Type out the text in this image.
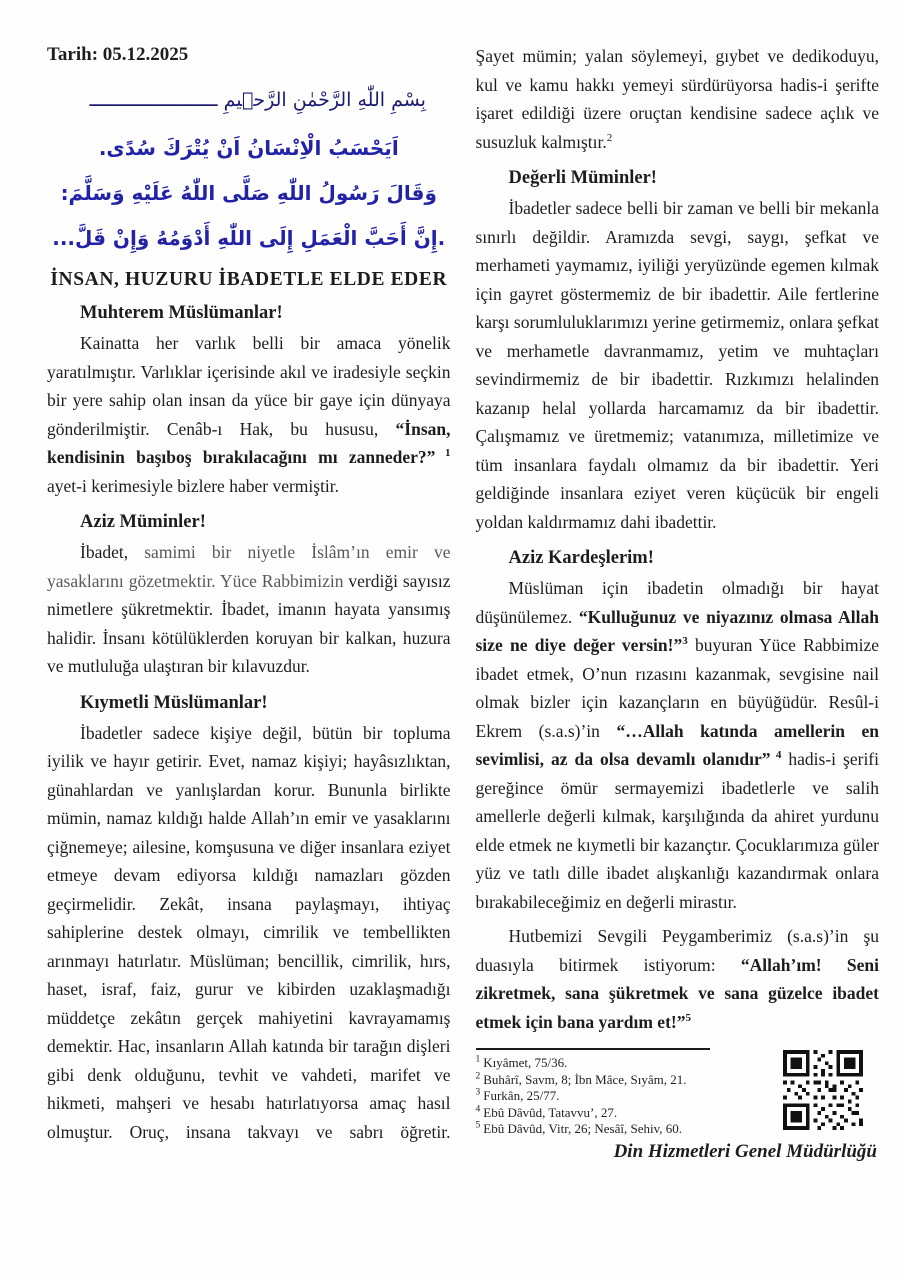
Tarih: 05.12.2025
بِسْمِ اللّٰهِ الرَّحْمٰنِ الرَّح۪يمِ ـــــــــــــــــــــــ
اَيَحْسَبُ الْاِنْسَانُ اَنْ يُتْرَكَ سُدًى.
وَقَالَ رَسُولُ اللّٰهِ صَلَّى اللّٰهُ عَلَيْهِ وَسَلَّمَ:
...إِنَّ أَحَبَّ الْعَمَلِ إِلَى اللّٰهِ أَدْوَمُهُ وَإِنْ قَلَّ.
İNSAN, HUZURU İBADETLE ELDE EDER
Muhterem Müslümanlar!

Kainatta her varlık belli bir amaca yönelik yaratılmıştır. Varlıklar içerisinde akıl ve iradesiyle seçkin bir yere sahip olan insan da yüce bir gaye için dünyaya gönderilmiştir. Cenâb-ı Hak, bu hususu, “İnsan, kendisinin başıboş bırakılacağını mı zanneder?” $^1$ ayet-i kerimesiyle bizlere haber vermiştir.

Aziz Müminler!

İbadet, samimi bir niyetle İslâm’ın emir ve yasaklarını gözetmektir. Yüce Rabbimizin verdiği sayısız nimetlere şükretmektir. İbadet, imanın hayata yansımış halidir. İnsanı kötülüklerden koruyan bir kalkan, huzura ve mutluluğa ulaştıran bir kılavuzdur.

Kıymetli Müslümanlar!

İbadetler sadece kişiye değil, bütün bir topluma iyilik ve hayır getirir. Evet, namaz kişiyi; hayâsızlıktan, günahlardan ve yanlışlardan korur. Bununla birlikte mümin, namaz kıldığı halde Allah’ın emir ve yasaklarını çiğnemeye; ailesine, komşusuna ve diğer insanlara eziyet etmeye devam ediyorsa kıldığı namazları gözden geçirmelidir. Zekât, insana paylaşmayı, ihtiyaç sahiplerine destek olmayı, cimrilik ve tembellikten arınmayı hatırlatır. Müslüman; bencillik, cimrilik, hırs, haset, israf, faiz, gurur ve kibirden uzaklaşmadığı müddetçe zekâtın gerçek mahiyetini kavrayamamış demektir. Hac, insanların Allah katında bir tarağın dişleri gibi denk olduğunu, tevhit ve vahdeti, marifet ve hikmeti, mahşeri ve hesabı hatırlatıyorsa amaç hasıl olmuştur. Oruç, insana takvayı ve sabrı öğretir.

Şayet mümin; yalan söylemeyi, gıybet ve dedikoduyu, kul ve kamu hakkı yemeyi sürdürüyorsa hadis-i şerifte işaret edildiği üzere oruçtan kendisine sadece açlık ve susuzluk kalmıştır.$^2$

Değerli Müminler!

İbadetler sadece belli bir zaman ve belli bir mekanla sınırlı değildir. Aramızda sevgi, saygı, şefkat ve merhameti yaymamız, iyiliği yeryüzünde egemen kılmak için gayret göstermemiz de bir ibadettir. Aile fertlerine karşı sorumluluklarımızı yerine getirmemiz, onlara şefkat ve merhametle davranmamız, yetim ve muhtaçları sevindirmemiz de bir ibadettir. Rızkımızı helalinden kazanıp helal yollarda harcamamız da bir ibadettir. Çalışmamız ve üretmemiz; vatanımıza, milletimize ve tüm insanlara faydalı olmamız da bir ibadettir. Yeri geldiğinde insanlara eziyet veren küçücük bir engeli yoldan kaldırmamız dahi ibadettir.

Aziz Kardeşlerim!

Müslüman için ibadetin olmadığı bir hayat düşünülemez. “Kulluğunuz ve niyazınız olmasa Allah size ne diye değer versin!”$^3$ buyuran Yüce Rabbimize ibadet etmek, O’nun rızasını kazanmak, sevgisine nail olmak bizler için kazançların en büyüğüdür. Resûl-i Ekrem (s.a.s)’in “…Allah katında amellerin en sevimlisi, az da olsa devamlı olanıdır” $^4$ hadis-i şerifi gereğince ömür sermayemizi ibadetlerle ve salih amellerle değerli kılmak, karşılığında da ahiret yurdunu elde etmek ne kıymetli bir kazançtır. Çocuklarımıza güler yüz ve tatlı dille ibadet alışkanlığı kazandırmak onlara bırakabileceğimiz en değerli mirastır.

Hutbemizi Sevgili Peygamberimiz (s.a.s)’in şu duasıyla bitirmek istiyorum: “Allah’ım! Seni zikretmek, sana şükretmek ve sana güzelce ibadet etmek için bana yardım et!”$^5$

$^1$ Kıyâmet, 75/36.
$^2$ Buhârî, Savm, 8; İbn Mâce, Sıyâm, 21.
$^3$ Furkân, 25/77.
$^4$ Ebû Dâvûd, Tatavvu’, 27.
$^5$ Ebû Dâvûd, Vitr, 26; Nesâî, Sehiv, 60.
Din Hizmetleri Genel Müdürlüğü
